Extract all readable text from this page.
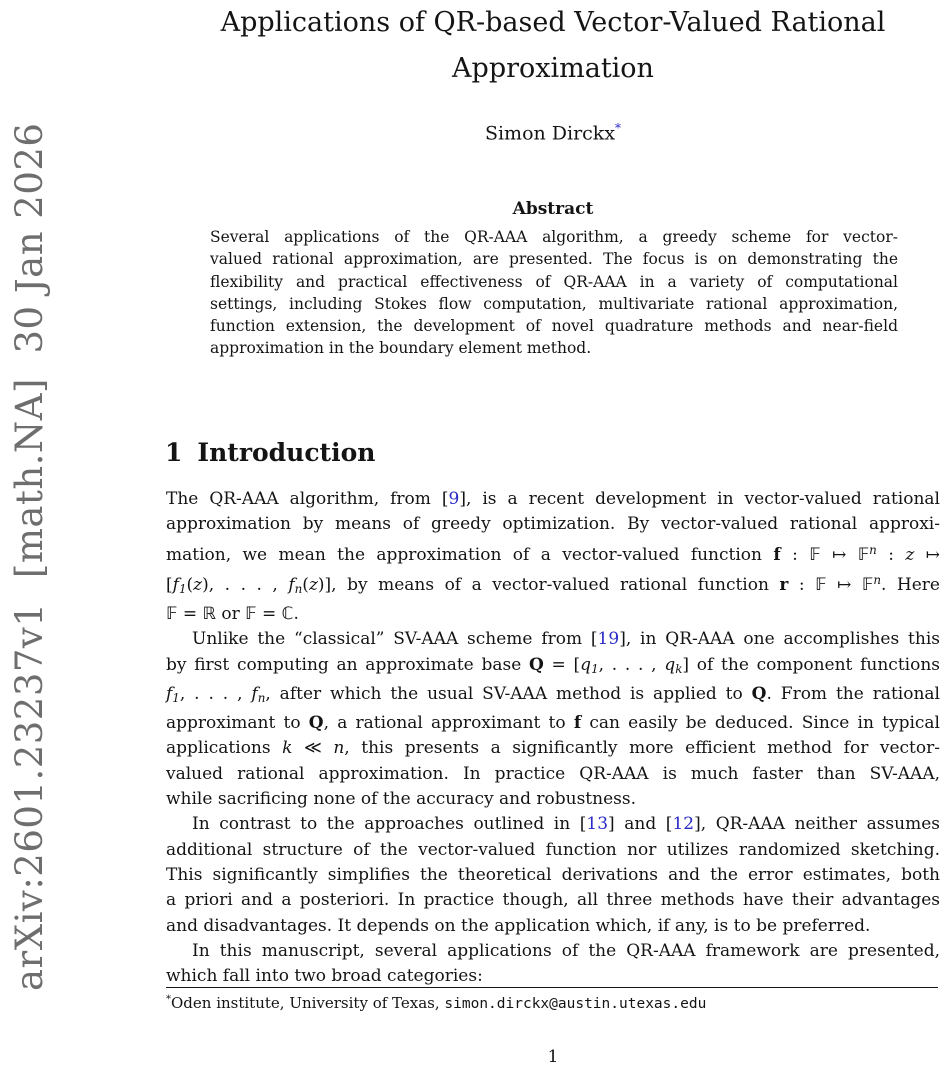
arXiv:2601.23237v1  [math.NA]  30 Jan 2026
Applications of QR-based Vector-Valued Rational
Approximation
Simon Dirckx*
Abstract
Several applications of the QR-AAA algorithm, a greedy scheme for vector-
valued rational approximation, are presented. The focus is on demonstrating the
flexibility and practical effectiveness of QR-AAA in a variety of computational
settings, including Stokes flow computation, multivariate rational approximation,
function extension, the development of novel quadrature methods and near-field
approximation in the boundary element method.
1 Introduction
The QR-AAA algorithm, from [9], is a recent development in vector-valued rational
approximation by means of greedy optimization. By vector-valued rational approxi-
mation, we mean the approximation of a vector-valued function f : 𝔽 ↦ 𝔽$^n$ : z ↦
[f1(z), . . . , fn(z)], by means of a vector-valued rational function r : 𝔽 ↦ 𝔽$^n$. Here
𝔽 = ℝ or 𝔽 = ℂ.
Unlike the “classical” SV-AAA scheme from [19], in QR-AAA one accomplishes this
by first computing an approximate base Q = [q1, . . . , qk] of the component functions
f1, . . . , fn, after which the usual SV-AAA method is applied to Q. From the rational
approximant to Q, a rational approximant to f can easily be deduced. Since in typical
applications k ≪ n, this presents a significantly more efficient method for vector-
valued rational approximation. In practice QR-AAA is much faster than SV-AAA,
while sacrificing none of the accuracy and robustness.
In contrast to the approaches outlined in [13] and [12], QR-AAA neither assumes
additional structure of the vector-valued function nor utilizes randomized sketching.
This significantly simplifies the theoretical derivations and the error estimates, both
a priori and a posteriori. In practice though, all three methods have their advantages
and disadvantages. It depends on the application which, if any, is to be preferred.
In this manuscript, several applications of the QR-AAA framework are presented,
which fall into two broad categories:
*Oden institute, University of Texas, simon.dirckx@austin.utexas.edu
1
